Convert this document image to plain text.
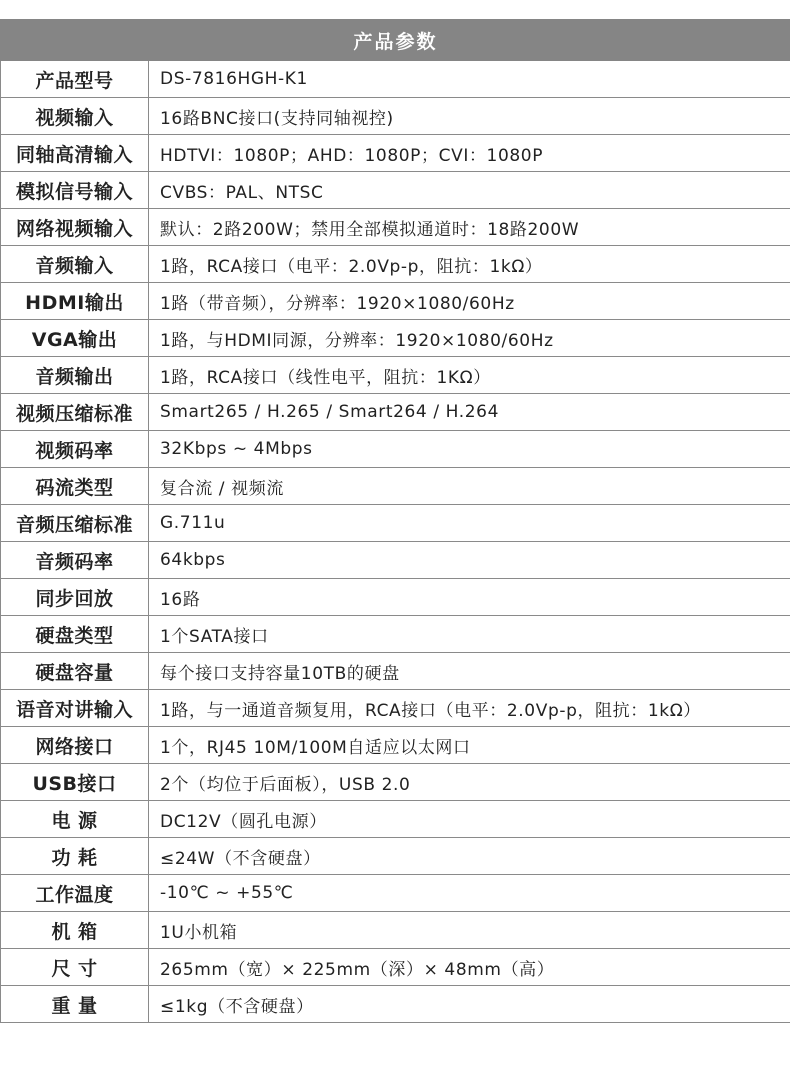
产品参数	
产品型号	DS-7816HGH-K1
视频输入	16路BNC接口(支持同轴视控)
同轴高清输入	HDTVI：1080P；AHD：1080P；CVI：1080P
模拟信号输入	CVBS：PAL、NTSC
网络视频输入	默认：2路200W；禁用全部模拟通道时：18路200W
音频输入	1路，RCA接口（电平：2.0Vp-p，阻抗：1kΩ）
HDMI输出	1路（带音频），分辨率：1920×1080/60Hz
VGA输出	1路，与HDMI同源，分辨率：1920×1080/60Hz
音频输出	1路，RCA接口（线性电平，阻抗：1KΩ）
视频压缩标准	Smart265 / H.265 / Smart264 / H.264
视频码率	32Kbps ~ 4Mbps
码流类型	复合流 / 视频流
音频压缩标准	G.711u
音频码率	64kbps
同步回放	16路
硬盘类型	1个SATA接口
硬盘容量	每个接口支持容量10TB的硬盘
语音对讲输入	1路，与一通道音频复用，RCA接口（电平：2.0Vp-p，阻抗：1kΩ）
网络接口	1个，RJ45 10M/100M自适应以太网口
USB接口	2个（均位于后面板），USB 2.0
电 源	DC12V（圆孔电源）
功 耗	≤24W（不含硬盘）
工作温度	-10℃ ~ +55℃
机 箱	1U小机箱
尺 寸	265mm（宽）× 225mm（深）× 48mm（高）
重 量	≤1kg（不含硬盘）
